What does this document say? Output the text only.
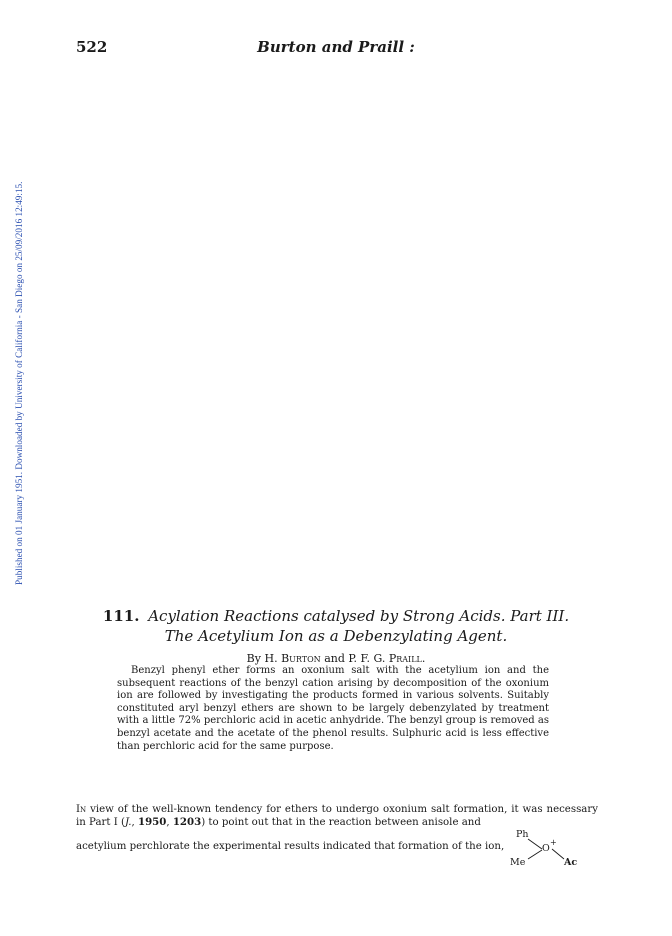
522	Burton and Praill :
Published on 01 January 1951. Downloaded by University of California - San Diego on 25/09/2016 12:49:15.
111. Acylation Reactions catalysed by Strong Acids. Part III.
The Acetylium Ion as a Debenzylating Agent.
By H. Burton and P. F. G. Praill.

Benzyl phenyl ether forms an oxonium salt with the acetylium ion and the subsequent reactions of the benzyl cation arising by decomposition of the oxonium ion are followed by investigating the products formed in various solvents. Suitably constituted aryl benzyl ethers are shown to be largely debenzylated by treatment with a little 72% perchloric acid in acetic anhydride. The benzyl group is removed as benzyl acetate and the acetate of the phenol results. Sulphuric acid is less effective than perchloric acid for the same purpose.

In view of the well-known tendency for ethers to undergo oxonium salt formation, it was necessary in Part I (J., 1950, 1203) to point out that in the reaction between anisole and

acetylium perchlorate the experimental results indicated that formation of the ion,
Ph
O
+
Me	Ac
